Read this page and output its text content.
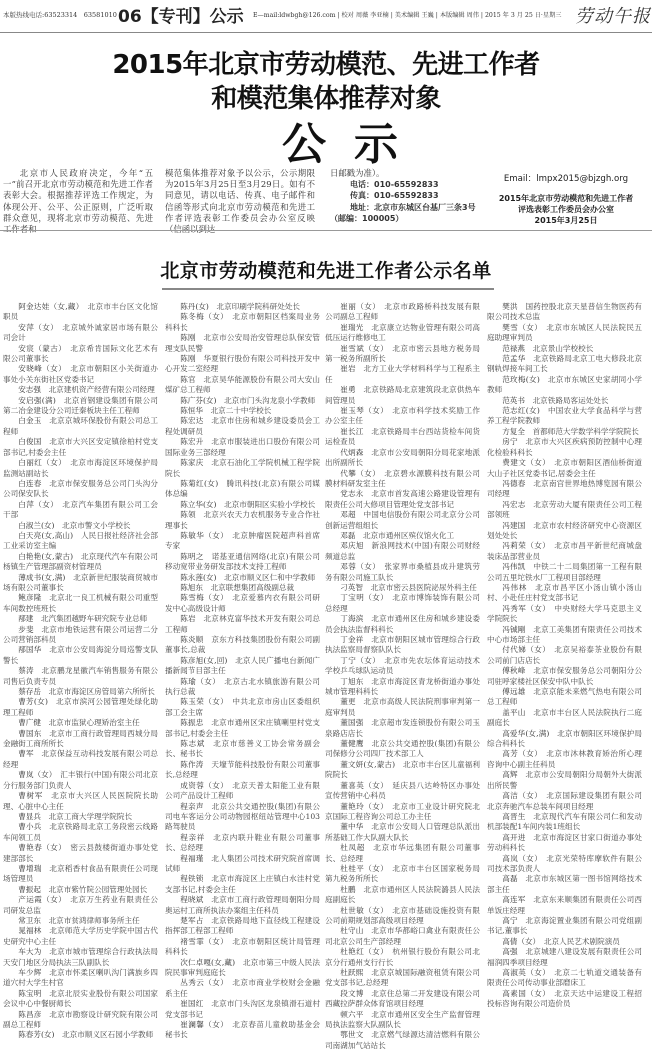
本版热线电话:63523314　63581010 |
06【专刊】公示 E—mail:ldwbgh@126.com | 校对 周薇 李亚楠 | 美术编辑 王巍 | 本版编辑 周伟 | 2015 年 3 月 25 日·星期三 劳动午报
2015年北京市劳动模范、先进工作者
和模范集体推荐对象
公示
北京市人民政府决定，今年“五一”前召开北京市劳动模范和先进工作者表彰大会。根据推荐评选工作规定，为体现公开、公平、公正原则，广泛听取群众意见，现将北京市劳动模范、先进
模范集体推荐对象予以公示，公示期限为2015年3月25日至3月29日。如有不同意见，请以电话、传真、电子邮件和信函等形式向北京市劳动模范和先进工作者评选表彰工作委员会办公室反映
日邮戳为准）。
电话：010-65592833
传真：010-65592833
地址：北京市东城区台基厂三条3号
（邮编：100005）
Email：lmpx2015@bjzgh.org
2015年北京市劳动模范和先进工作者
评选表彰工作委员会办公室
2015年3月25日
北京市劳动模范和先进工作者公示名单

阿金达娃（女,藏）　 北京市丰台区文化馆职员

安萍（女）　 北京城外诚家居市场有限公司会计

安宸（蒙古）　 北京希肯国际文化艺术有限公司董事长

安晓峰（女）　 北京市朝阳区小关街道办事处小关东街社区党委书记

安志强　 北京建机资产经营有限公司经理

安启强(满)　 北京首钢建设集团有限公司第二冶金建设分公司迁秦板块主任工程师

白金玉　 北京京城环保股份有限公司总工程师

白俊国　 北京市大兴区安定镇徐柏村党支部书记,村委会主任

白丽红（女）　 北京市海淀区环境保护局监测站副站长

白连春　 北京市保安服务总公司门头沟分公司保安队长

白萍（女）　 北京汽车集团有限公司工会干部

白淑兰(女)　 北京市警文小学校长

白天亮(女,高山)　 人民日报社经济社会部工业采访室主编

白艳艳(女,蒙古)　 北京现代汽车有限公司杨镇生产管理部副资材管理员

薄成书(女,满)　 北京新世纪服装商贸城市场有限公司董事长

鲍彦隆　 北京北一良工机械有限公司重型车间数控班班长

邴建　 北汽集团越野车研究院专业总师

步斐　 北京市地铁运营有限公司运营二分公司营销部科员

邴国华　 北京市公安局海淀分局巡警支队警长

蔡涛　 北京鹏龙星徽汽车销售服务有限公司售后负责专员

蔡存岳　 北京市海淀区房管局第六所所长

曹芳(女)　 北京市滨河公园管理处绿化助理工程师

曹广健　 北京市监狱心理矫治室主任

曹国东　 北京市工商行政管理局西城分局金融街工商所所长

曹军　 北京保益互动科技发展有限公司总经理

曹岚（女）　 汇丰银行(中国)有限公司北京分行服务部门负责人

曹树军　 北京市大兴区人民医院院长助理、心脏中心主任

曹显兵　 北京工商大学理学院院长

曹小兵　 北京铁路局北京工务段密云线路车间领工员

曹艳春（女）　 密云县鼓楼街道办事处党建部部长

曹增瑞　 北京稻香村食品有限责任公司现场管理员

曹振起　 北京市紫竹院公园管理处园长

产运霞（女）　 北京万生药业有限责任公司研发总监

常卫东　 北京市贫鸿律师事务所主任

晁福林　 北京师范大学历史学院中国古代史研究中心主任

车大为　 北京市城市管理综合行政执法局天安门地区分局执法三队副队长

车少辉　 北京市怀柔区喇叭沟门满族乡四道穴村大学生村官

陈宝明　 北京北辰实业股份有限公司国家会议中心中餐厨师长

陈昌彦　 北京市勘察设计研究院有限公司副总工程师

陈春芳(女)　 北京市顺义区石园小学教师

陈丹(女)　 北京印刷学院科研处处长

陈冬梅（女）　 北京市朝阳区档案局业务科科长

陈刚　 北京市公安局治安管理总队保安管理支队民警

陈刚　 华夏银行股份有限公司科技开发中心开发二室经理

陈官　 北京昊华能源股份有限公司大安山煤矿总工程师

陈广芬(女)　 北京市门头沟龙泉小学教师

陈恒华　 北京二十中学校长

陈宏达　 北京市住房和城乡建设委员会工程处调研员

陈宏升　 北京市服装进出口股份有限公司国际业务三部经理

陈家庆　 北京石油化工学院机械工程学院院长

陈菊红(女)　 腾讯科技(北京)有限公司媒体总编

陈立华(女)　 北京市朝阳区实验小学校长

陈领　 北京兴农天力农机服务专业合作社理事长

陈敏华（女）　 北京肿瘤医院超声科首席专家

陈明之　 诺基亚通信网络(北京)有限公司移动宽带业务研发部技术支持工程师

陈永莲(女)　 北京市顺义区仁和中学教师

陈旭东　 北京联想集团高级副总裁

陈雪梅（女）　 北京爱慕内衣有限公司研发中心高级设计师

陈岩　 北京林克富华技术开发有限公司总工程师

陈炎顺　 京东方科技集团股份有限公司副董事长,总裁

陈彦旭(女,回)　 北京人民广播电台新闻广播新闻节目部主任

陈瑜（女）　 北京古北水镇旅游有限公司执行总裁

陈玉荣（女）　 中共北京市房山区委组织部工会主席

陈振忠　 北京市通州区宋庄镇喇里村党支部书记,村委会主任

陈志斌　 北京市慈善义工协会常务副会长、秘书长

陈作涛　 天壕节能科技股份有限公司董事长,总经理

成资蓉（女）　 北京天普太阳能工业有限公司产品设计工程师

程亲声　 北京公共交通控股(集团)有限公司电车客运分公司动物园枢纽站管理中心103路驾驶员

程亲祥　 北京内联升鞋业有限公司董事长、总经理

程福瑾　 北人集团公司技术研究院首席调试师

程铁锁　 北京市海淀区上庄镇白水洼村党支部书记,村委会主任

程晓斌　 北京市工商行政管理局朝阳分局奥运村工商所执法办案组主任科员

楚军占　 北京铁路局地下直径线工程建设指挥部工程部工程师

褚雪霏（女）　 北京市朝阳区统计局管理科科长

次仁卓嘎(女,藏)　 北京市第三中级人民法院民事审判庭庭长

丛秀云（女）　 北京市商业学校财会金融系主任

崔国红　 北京市门头沟区龙泉镇滑石道村党支部书记

崔澜馨（女）　 北京春苗儿童救助基金会秘书长

崔丽（女）　 北京市政路桥科技发展有限公司副总工程师

崔瑞光　 北京康立达物业管理有限公司高低压运行维修电工

崔雪斌（女）　 北京市密云县地方税务局第一税务所副所长

崔岩　 北方工业大学材料科学与工程系主任

崔勇　 北京铁路局北京建筑段北京供热车间管理员

崔玉琴（女）　 北京市科学技术奖励工作办公室主任

崔长江　 北京铁路局丰台西站货检车间货运检查员

代炳森　 北京市公安局朝阳分局花家地派出所副所长

代攀（女）　 北京碧水源膜科技有限公司膜材料研发室主任

党志永　 北京市首发高速公路建设管理有限责任公司大修项目管理处党支部书记

邓超　 中国电信股份有限公司北京分公司创新运营组组长

邓磊　 北京市通州区殡仪馆火化工

邓庆旭　 新浪网技术(中国)有限公司财经频道总监

邓蓉（女）　 张家界市桑植县成升建筑劳务有限公司施工队长

刁英智　 北京市密云县医院泌尿外科主任

丁宝明（女）　 北京市博饰装饰有限公司总经理

丁海滨　 北京市通州区住房和城乡建设委员会执法监督科科长

丁金祥　 北京市朝阳区城市管理综合行政执法监察局督察队队长

丁宁（女）　 北京市先农坛体育运动技术学校乒乓球队运动员

丁旭东　 北京市海淀区青龙桥街道办事处城市管理科科长

董更　 北京市高级人民法院刑事审判第一庭审判员

董国强　 北京超市发连锁股份有限公司玉泉路店店长

董健鹰　 北京公共交通控股(集团)有限公司保修分公司四厂技术部工人

董文妍(女,蒙古)　 北京市丰台区儿童福利院院长

董喜英（女）　 延庆县八达岭特区办事处宣传营销中心科员

董艳玲（女）　 北京市工业设计研究院北京国际工程咨询公司总工办主任

董中华　 北京市公安局人口管理总队派出所基础工作大队副大队长

杜凤超　 北京市华远集团有限公司董事长、总经理

杜桂平（女）　 北京市丰台区国家税务局第九税务所所长

杜鹏　 北京市通州区人民法院潞县人民法庭副庭长

杜世敏（女）　 北京市基础设施投资有限公司前期规划部高级项目经理

杜守山　 北京市华都峪口禽业有限责任公司北京公司生产部经理

杜艳红（女）　 杭州银行股份有限公司北京分行通州支行行长

杜跃熙　 北京京城国际融资租赁有限公司党支部书记,总经理

段文博　 北京住总第二开发建设有限公司西藏拉萨群众体育馆项目经理

顿六平　 北京市通州区安全生产监督管理局执法监察大队副队长

鄂世文　 北京燃气绿源达清洁燃料有限公司南湖加气站站长

樊洪　 国药控股北京天星普信生物医药有限公司技术总监

樊雪（女）　 北京市东城区人民法院民五庭助理审判员

范禄燕　 北京景山学校校长

范孟华　 北京铁路局北京工电大修段北京钢轨焊接车间工长

范玫梅(女)　 北京市东城区史家胡同小学教师

范英书　 北京铁路局客运处处长

范志红(女)　 中国农业大学食品科学与营养工程学院教师

方复全　 首都师范大学数学科学学院院长

房宁　 北京市大兴区疾病预防控制中心理化检验科科长

费建文（女）　 北京市朝阳区酒仙桥街道大山子社区党委书记,居委会主任

冯德春　 北京南宫世界地热博览园有限公司经理

冯宏志　 北京劳动大厦有限责任公司工程部领班

冯建国　 北京市农村经济研究中心资源区划处处长

冯莉荣（女）　 北京市昌平新世纪商城盘装床品部营业员

冯伟凯　 中铁二十二局集团第一工程有限公司五里坨铁水厂工程项目部经理

冯伟林　 北京市昌平区小汤山镇小汤山村、小赴任庄村党支部书记

冯秀军（女）　 中央财经大学马克思主义学院院长

冯铖剛　 北京工美集团有限责任公司技术中心市场部主任

付代娣（女）　 北京吴裕泰茶业股份有限公司前门店店长

傅秋峰　 北京市保安服务总公司朝阳分公司驻呼家楼社区保安中队中队长

傅远雄　 北京京能未来燃气热电有限公司总工程师

盖平山　 北京市丰台区人民法院执行二庭副庭长

高爱华(女,满)　 北京市朝阳区环境保护局综合科科长

高芳（女）　 北京市沐林教育矫治所心理咨询中心副主任科员

高辉　 北京市公安局朝阳分局朝外大街派出所民警

高洁（女）　 北京国际建设集团有限公司北京奔驰汽车总装车间项目经理

高晋生　 北京现代汽车有限公司仁和发动机部装配1车间内装1班组长

高开进　 北京市海淀区甘家口街道办事处劳动科科长

高岚（女）　 北京光荣特库摩软件有限公司技术部负责人

高磊　 北京市东城区第一图书馆网络技术部主任

高连军　 北京东来顺集团有限责任公司西单饭庄经理

高宁　 北京海淀置业集团有限公司党组副书记,董事长

高倩（女）　 北京人民艺术剧院演员

高强　 北京城建八建设发展有限责任公司福润四季项目经理

高淑英（女）　 北京二七轨道交通装备有限责任公司传动事业部磨床工

高素国（女）　 北京天达中运建设工程招投标咨询有限公司造价员
